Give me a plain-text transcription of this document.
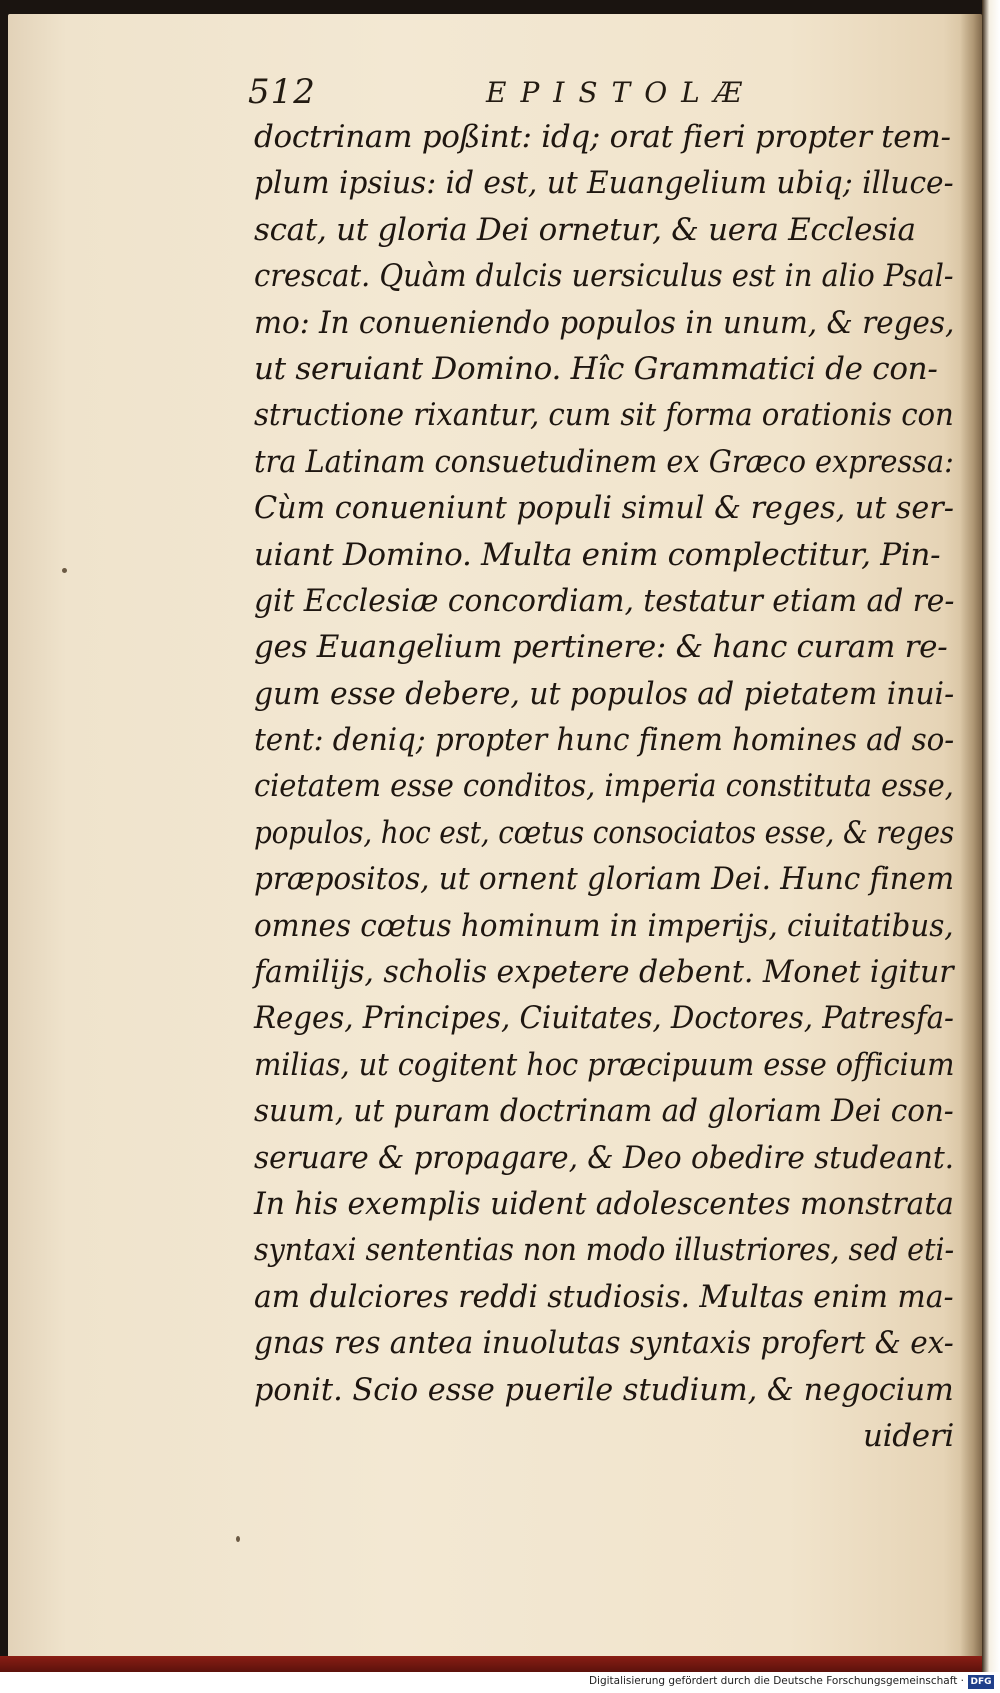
512	EPISTOLÆ
doctrinam poßint: idq; orat fieri propter tem-
plum ipsius: id est, ut Euangelium ubiq; illuce-
scat, ut gloria Dei ornetur, & uera Ecclesia
crescat. Quàm dulcis uersiculus est in alio Psal-
mo: In conueniendo populos in unum, & reges,
ut seruiant Domino. Hîc Grammatici de con-
structione rixantur, cum sit forma orationis con
tra Latinam consuetudinem ex Græco expressa:
Cùm conueniunt populi simul & reges, ut ser-
uiant Domino. Multa enim complectitur, Pin-
git Ecclesiæ concordiam, testatur etiam ad re-
ges Euangelium pertinere: & hanc curam re-
gum esse debere, ut populos ad pietatem inui-
tent: deniq; propter hunc finem homines ad so-
cietatem esse conditos, imperia constituta esse,
populos, hoc est, cœtus consociatos esse, & reges
præpositos, ut ornent gloriam Dei. Hunc finem
omnes cœtus hominum in imperijs, ciuitatibus,
familijs, scholis expetere debent. Monet igitur
Reges, Principes, Ciuitates, Doctores, Patresfa-
milias, ut cogitent hoc præcipuum esse officium
suum, ut puram doctrinam ad gloriam Dei con-
seruare & propagare, & Deo obedire studeant.
In his exemplis uident adolescentes monstrata
syntaxi sententias non modo illustriores, sed eti-
am dulciores reddi studiosis. Multas enim ma-
gnas res antea inuolutas syntaxis profert & ex-
ponit. Scio esse puerile studium, & negocium
uideri
Digitalisierung gefördert durch die Deutsche Forschungsgemeinschaft · DFG
